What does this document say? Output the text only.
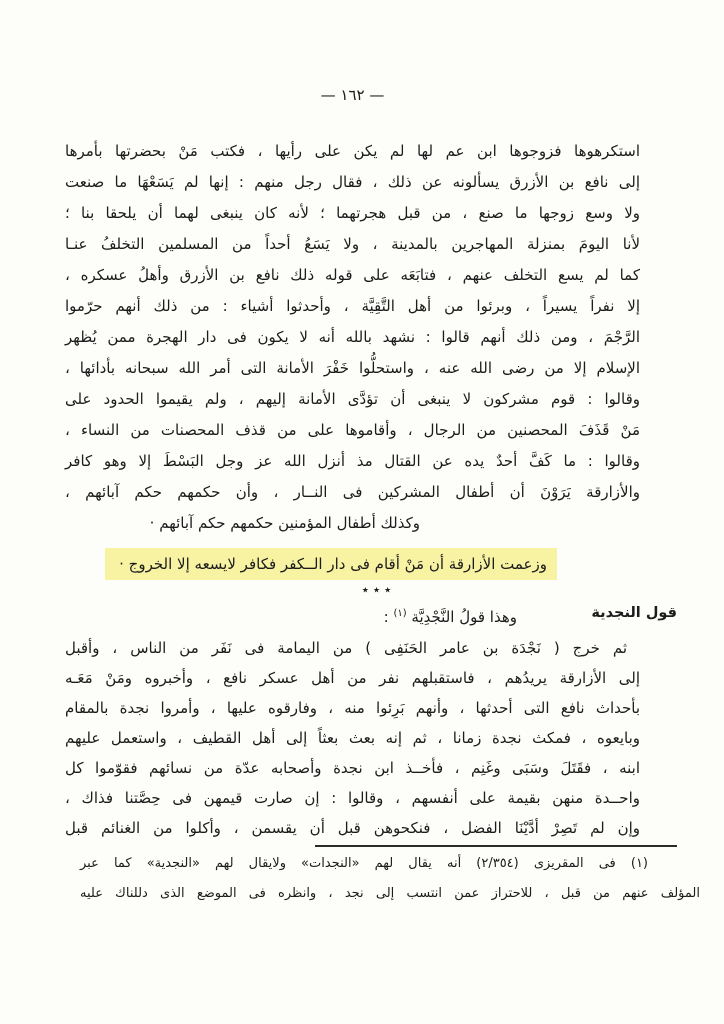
— ١٦٢ —
استكرهوها فزوجوها ابن عم لها لم يكن على رأيها ، فكتب مَنْ بحضرتها بأمرها
إلى نافع بن الأزرق يسألونه عن ذلك ، فقال رجل منهم : إنها لم يَسَعْهَا ما صنعت
ولا وسع زوجها ما صنع ، من قبل هجرتهما ؛ لأنه كان ينبغى لهما أن يلحقا بنا ؛
لأنا اليومَ بمنزلة المهاجرين بالمدينة ، ولا يَسَعُ أحداً من المسلمين التخلفُ عنـا
كما لم يسع التخلف عنهم ، فتابَعَه على قوله ذلك نافع بن الأزرق وأهلُ عسكره ،
إلا نفراً يسيراً ، وبرئوا من أهل التَّقِيَّة ، وأحدثوا أشياء : من ذلك أنهم حرّموا
الرَّجْمَ ، ومن ذلك أنهم قالوا : نشهد بالله أنه لا يكون فى دار الهجرة ممن يُظهر
الإسلام إلا من رضى الله عنه ، واستحلُّوا خَفْرَ الأمانة التى أمر الله سبحانه بأدائها ،
وقالوا : قوم مشركون لا ينبغى أن تؤدَّى الأمانة إليهم ، ولم يقيموا الحدود على
مَنْ قَذَفَ المحصنين من الرجال ، وأقاموها على من قذف المحصنات من النساء ،
وقالوا : ما كَفَّ أحدٌ يده عن القتال مذ أنزل الله عز وجل البَسْطَ إلا وهو كافر
والأزارقة يَرَوْنَ أن أطفال المشركين فى النــار ، وأن حكمهم حكم آبائهم ،
وكذلك أطفال المؤمنين حكمهم حكم آبائهم ·
وزعمت الأزارقة أن مَنْ أقام فى دار الــكفر فكافر لايسعه إلا الخروج ·
٭ ٭ ٭
وهذا قولُ النَّجْدِيَّة $^{(١)}$ :
ثم خرج ( نَجْدَة بن عامر الحَنَفِى ) من اليمامة فى نَفَر من الناس ، وأقبل
إلى الأزارقة يريدُهم ، فاستقبلهم نفر من أهل عسكر نافع ، وأخبروه ومَنْ مَعَـه
بأحداث نافع التى أحدثها ، وأنهم بَرِئوا منه ، وفارقوه عليها ، وأمروا نجدة بالمقام
وبايعوه ، فمكث نجدة زمانا ، ثم إنه بعث بعثاً إلى أهل القطيف ، واستعمل عليهم
ابنه ، فقَتَلَ وسَبَى وغَنِم ، فأخــذ ابن نجدة وأصحابه عدّة من نسائهم فقوّموا كل
واحــدة منهن بقيمة على أنفسهم ، وقالوا : إن صارت قيمهن فى حِصَّتنا فذاك ،
وإن لم تَصِرْ أدَّيْنَا الفضل ، فنكحوهن قبل أن يقسمن ، وأكلوا من الغنائم قبل
قول النجدية
(١) فى المقريزى (٢/٣٥٤) أنه يقال لهم «النجدات» ولايقال لهم «النجدية» كما عبر
المؤلف عنهم من قبل ، للاحتراز عمن انتسب إلى نجد ، وانظره فى الموضع الذى دللناك عليه
